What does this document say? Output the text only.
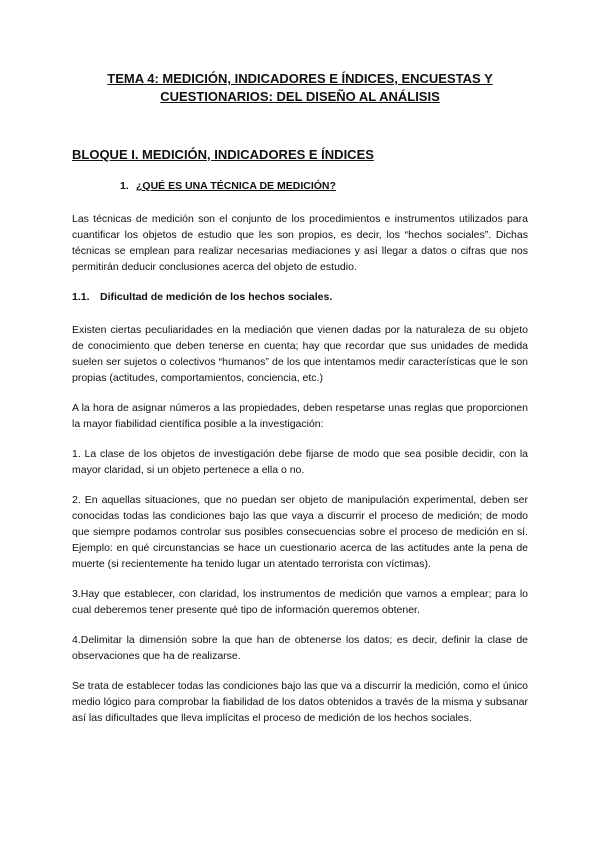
TEMA 4: MEDICIÓN, INDICADORES E ÍNDICES, ENCUESTAS Y CUESTIONARIOS: DEL DISEÑO AL ANÁLISIS
BLOQUE I. MEDICIÓN, INDICADORES E ÍNDICES
1. ¿QUÉ ES UNA TÉCNICA DE MEDICIÓN?

Las técnicas de medición son el conjunto de los procedimientos e instrumentos utilizados para cuantificar los objetos de estudio que les son propios, es decir, los “hechos sociales”. Dichas técnicas se emplean para realizar necesarias mediaciones y así llegar a datos o cifras que nos permitirán deducir conclusiones acerca del objeto de estudio.

1.1. Dificultad de medición de los hechos sociales.

Existen ciertas peculiaridades en la mediación que vienen dadas por la naturaleza de su objeto de conocimiento que deben tenerse en cuenta; hay que recordar que sus unidades de medida suelen ser sujetos o colectivos “humanos” de los que intentamos medir características que le son propias (actitudes, comportamientos, conciencia, etc.)

A la hora de asignar números a las propiedades, deben respetarse unas reglas que proporcionen la mayor fiabilidad científica posible a la investigación:

1. La clase de los objetos de investigación debe fijarse de modo que sea posible decidir, con la mayor claridad, si un objeto pertenece a ella o no.

2. En aquellas situaciones, que no puedan ser objeto de manipulación experimental, deben ser conocidas todas las condiciones bajo las que vaya a discurrir el proceso de medición; de modo que siempre podamos controlar sus posibles consecuencias sobre el proceso de medición en sí. Ejemplo: en qué circunstancias se hace un cuestionario acerca de las actitudes ante la pena de muerte (si recientemente ha tenido lugar un atentado terrorista con víctimas).

3.Hay que establecer, con claridad, los instrumentos de medición que vamos a emplear; para lo cual deberemos tener presente qué tipo de información queremos obtener.

4.Delimitar la dimensión sobre la que han de obtenerse los datos; es decir, definir la clase de observaciones que ha de realizarse.

Se trata de establecer todas las condiciones bajo las que va a discurrir la medición, como el único medio lógico para comprobar la fiabilidad de los datos obtenidos a través de la misma y subsanar así las dificultades que lleva implícitas el proceso de medición de los hechos sociales.
